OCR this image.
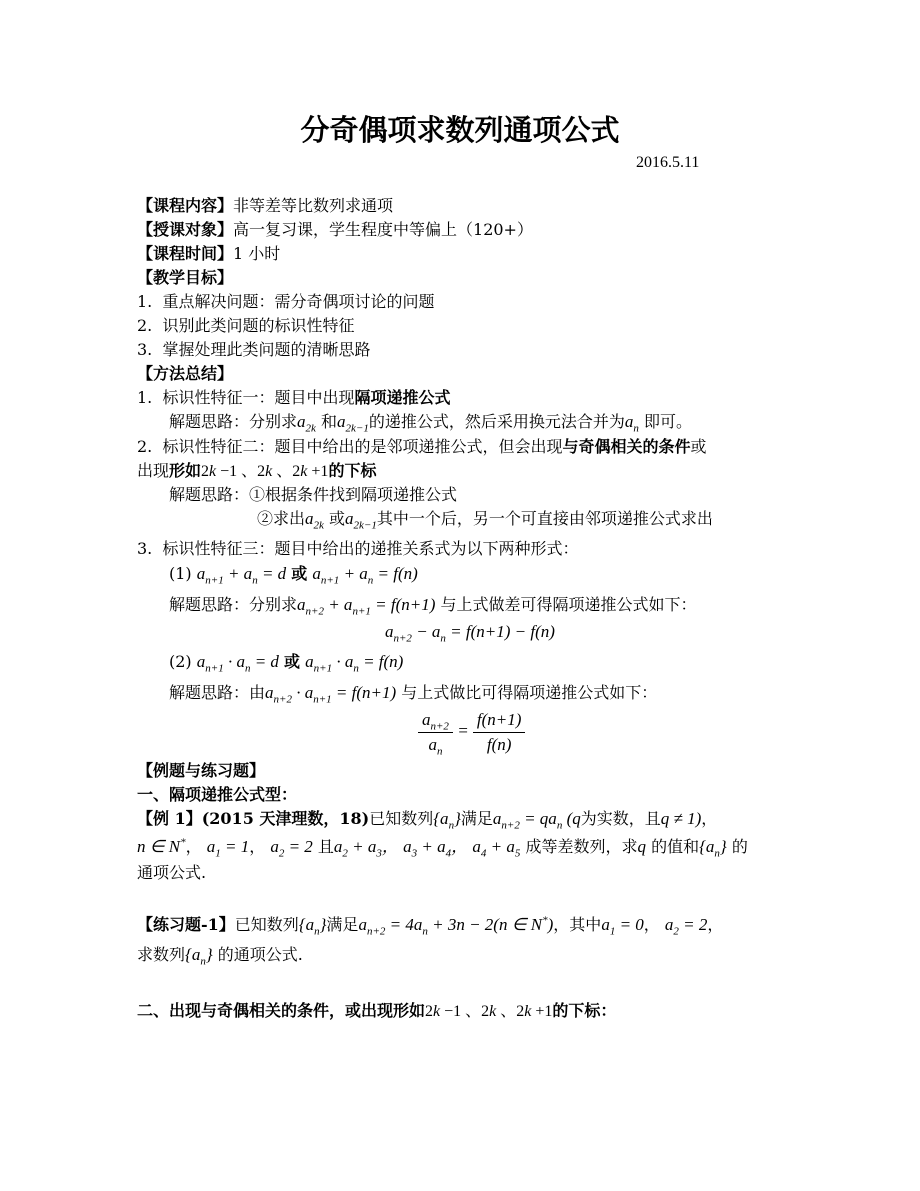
分奇偶项求数列通项公式
2016.5.11
【课程内容】非等差等比数列求通项
【授课对象】高一复习课，学生程度中等偏上（120+）
【课程时间】1 小时
【教学目标】
1.  重点解决问题：需分奇偶项讨论的问题
2.  识别此类问题的标识性特征
3.  掌握处理此类问题的清晰思路
【方法总结】
1.  标识性特征一：题目中出现隔项递推公式
解题思路：分别求$a_{2k}$ 和$a_{2k-1}$的递推公式，然后采用换元法合并为$a_n$ 即可。
2.  标识性特征二：题目中给出的是邻项递推公式，但会出现与奇偶相关的条件或
出现形如2k −1 、2k 、2k +1的下标
解题思路：①根据条件找到隔项递推公式
②求出$a_{2k}$ 或$a_{2k-1}$其中一个后，另一个可直接由邻项递推公式求出
3.  标识性特征三：题目中给出的递推关系式为以下两种形式：
(1) $a_{n+1} + a_n = d$ 或 $a_{n+1} + a_n = f(n)$
解题思路：分别求$a_{n+2} + a_{n+1} = f(n+1)$ 与上式做差可得隔项递推公式如下：
$a_{n+2} - a_n = f(n+1) - f(n)$
(2) $a_{n+1} \cdot a_n = d$ 或 $a_{n+1} \cdot a_n = f(n)$
解题思路：由$a_{n+2} \cdot a_{n+1} = f(n+1)$ 与上式做比可得隔项递推公式如下：
$\frac{a_{n+2}}{a_n} = \frac{f(n+1)}{f(n)}$
【例题与练习题】
一、隔项递推公式型：
【例 1】(2015 天津理数，18)已知数列$\{a_n\}$满足$a_{n+2} = qa_n$ (q为实数，且q ≠ 1)，
n ∈ N*， $a_1 = 1$， $a_2 = 2$ 且$a_2 + a_3$， $a_3 + a_4$， $a_4 + a_5$ 成等差数列，求q 的值和$\{a_n\}$ 的
通项公式.
【练习题-1】已知数列$\{a_n\}$满足$a_{n+2} = 4a_n + 3n - 2(n$ ∈ N*)，其中$a_1 = 0$， $a_2 = 2$，
求数列$\{a_n\}$ 的通项公式.
二、出现与奇偶相关的条件，或出现形如2k −1 、2k 、2k +1的下标：
